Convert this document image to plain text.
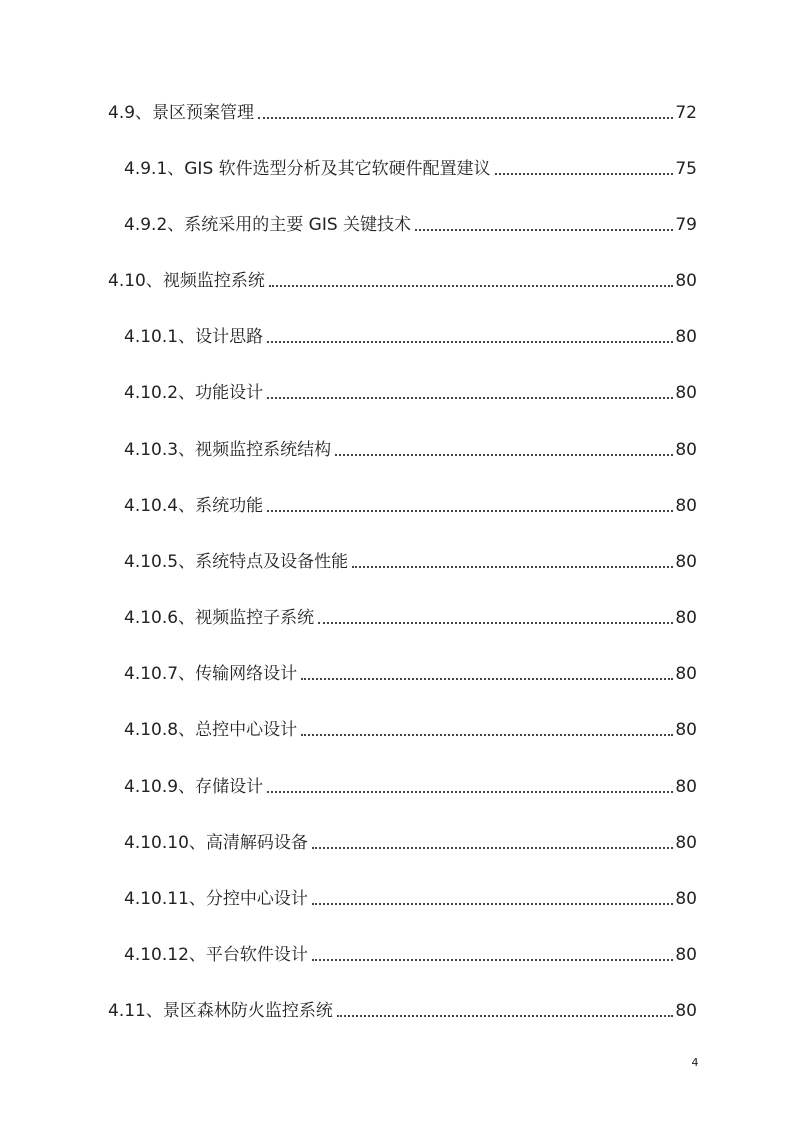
4.9、景区预案管理	72
4.9.1、GIS 软件选型分析及其它软硬件配置建议	75
4.9.2、系统采用的主要 GIS 关键技术	79
4.10、视频监控系统	80
4.10.1、设计思路	80
4.10.2、功能设计	80
4.10.3、视频监控系统结构	80
4.10.4、系统功能	80
4.10.5、系统特点及设备性能	80
4.10.6、视频监控子系统	80
4.10.7、传输网络设计	80
4.10.8、总控中心设计	80
4.10.9、存储设计	80
4.10.10、高清解码设备	80
4.10.11、分控中心设计	80
4.10.12、平台软件设计	80
4.11、景区森林防火监控系统	80
4
